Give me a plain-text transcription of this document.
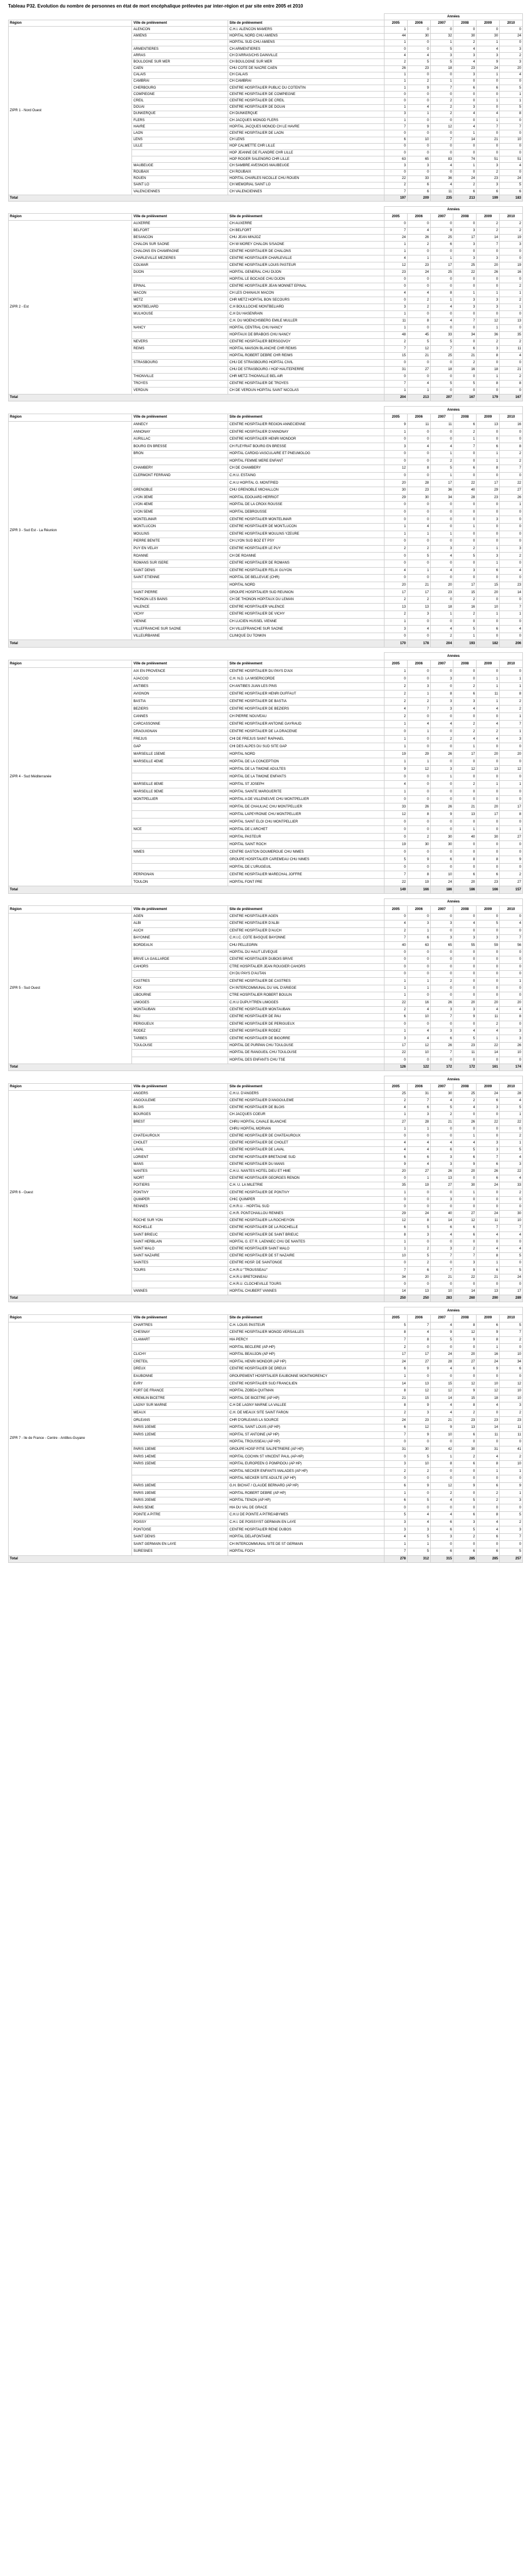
Tableau P32. Evolution du nombre de personnes en état de mort encéphalique prélevées par inter-région et par site entre 2005 et 2010
			Années					
Région	Ville de prélèvement	Site de prélèvement	2005	2006	2007	2008	2009	2010
ZIPR 1 - Nord Ouest	ALENCON	C.H.I. ALENCON MAMERS	1	0	0	0	0	0
	AMIENS	HOPITAL NORD CHU AMIENS	44	30	32	30	30	24
		HOPITAL SUD CHU AMIENS	1	0	1	2	1	0
	ARMENTIERES	CH ARMENTIERES	0	0	5	4	4	3
	ARRAS	CH D'ARRAS/CHS DAINVILLE	4	4	3	3	3	2
	BOULOGNE SUR MER	CH BOULOGNE SUR MER	2	5	5	4	9	3
	CAEN	CHU COTE DE NACRE CAEN	26	23	18	23	24	20
	CALAIS	CH CALAIS	1	0	0	3	1	4
	CAMBRAI	CH CAMBRAI	1	2	1	0	0	0
	CHERBOURG	CENTRE HOSPITALIER PUBLIC DU COTENTIN	1	9	7	6	6	5
	COMPIEGNE	CENTRE HOSPITALIER DE COMPIEGNE	0	0	0	0	0	1
	CREIL	CENTRE HOSPITALIER DE CREIL	0	0	2	0	1	1
	DOUAI	CENTRE HOSPITALIER DE DOUAI	1	4	2	3	0	5
	DUNKERQUE	CH DUNKERQUE	3	1	2	4	4	8
	FLERS	CH JACQUES MONOD FLERS	1	0	0	0	1	0
	HAVRE	HOPITAL JACQUES MONOD CH LE HAVRE	7	9	12	4	7	7
	LAON	CENTRE HOSPITALIER DE LAON	0	0	0	1	0	0
	LENS	CH LENS	6	10	7	14	21	10
	LILLE	HOP CALMETTE CHR LILLE	0	0	0	0	0	0
		HOP JEANNE DE FLANDRE CHR LILLE	0	0	0	0	0	0
		HOP ROGER SALENGRO CHR LILLE	63	65	83	74	51	51
	MAUBEUGE	CH SAMBRE AVESNOIS MAUBEUGE	3	3	4	1	3	4
	ROUBAIX	CH ROUBAIX	0	0	0	0	2	0
	ROUEN	HOPITAL CHARLES NICOLLE CHU ROUEN	22	33	36	24	23	24
	SAINT LO	CH MEMORIAL SAINT LO	2	6	4	2	3	5
	VALENCIENNES	CH VALENCIENNES	7	6	11	6	6	6
Total			197	209	235	213	199	183
			Années					
Région	Ville de prélèvement	Site de prélèvement	2005	2006	2007	2008	2009	2010
ZIPR 2 - Est	AUXERRE	CH AUXERRE	0	0	0	0	2	2
	BELFORT	CH BELFORT	7	4	9	3	2	2
	BESANCON	CHU JEAN MINJOZ	24	26	25	17	14	19
	CHALON SUR SAONE	CH W MOREY CHALON S/SAONE	1	2	6	3	7	3
	CHALONS EN CHAMPAGNE	CENTRE HOSPITALIER DE CHALONS	1	0	0	0	0	0
	CHARLEVILLE MEZIERES	CENTRE HOSPITALIER CHARLEVILLE	4	1	1	3	3	0
	COLMAR	CENTRE HOSPITALIER LOUIS PASTEUR	12	23	17	25	20	19
	DIJON	HOPITAL GENERAL CHU DIJON	23	24	25	22	26	16
		HOPITAL LE BOCAGE CHU DIJON	0	0	0	0	0	0
	EPINAL	CENTRE HOSPITALIER JEAN MONNET EPINAL	0	0	0	0	0	2
	MACON	CH LES CHANAUX MACON	4	4	8	1	1	1
	METZ	CHR METZ HOPITAL BON SECOURS	0	2	1	3	3	2
	MONTBELIARD	C.H BOULLOCHE MONTBELIARD	3	2	4	3	3	1
	MULHOUSE	C.H DU HASENRAIN	1	0	0	0	0	0
		C.H. DU MOENCHSBERG EMILE MULLER	11	8	4	7	12	13
	NANCY	HOPITAL CENTRAL CHU NANCY	1	0	0	0	1	0
		HOPITAUX DE BRABOIS CHU NANCY	48	45	33	34	36	35
	NEVERS	CENTRE HOSPITALIER BERSGOVOY	2	5	5	0	2	2
	REIMS	HOPITAL MAISON BLANCHE CHR REIMS	7	12	7	6	3	11
		HOPITAL ROBERT DEBRE CHR REIMS	15	21	25	21	8	4
	STRASBOURG	CHU DE STRASBOURG HOPITAL CIVIL	0	0	0	2	0	0
		CHU DE STRASBOURG / HOP HAUTEPIERRE	31	27	18	16	18	21
	THIONVILLE	CHR METZ-THIONVILLE BEL AIR	0	0	0	0	1	2
	TROYES	CENTRE HOSPITALIER DE TROYES	7	4	5	5	8	8
	VERDUN	CH DE VERDUN HOPITAL SAINT NICOLAS	1	1	0	0	0	0
Total			204	213	207	167	179	167
			Années					
Région	Ville de prélèvement	Site de prélèvement	2005	2006	2007	2008	2009	2010
ZIPR 3 - Sud Est - La Réunion	ANNECY	CENTRE HOSPITALIER REGION ANNECIENNE	9	11	11	6	13	16
	ANNONAY	CENTRE HOSPITALIER D'ANNONAY	1	0	0	2	0	0
	AURILLAC	CENTRE HOSPITALIER HENRI MONDOR	0	0	0	1	0	0
	BOURG EN BRESSE	CH FLEYRIAT BOURG EN BRESSE	3	4	4	7	6	8
	BRON	HOPITAL CARDIO-VASCULAIRE ET PNEUMOLOG	0	0	1	0	1	2
		HOPITAL FEMME MERE ENFANT	0	0	2	0	1	2
	CHAMBERY	CH DE CHAMBERY	12	8	5	6	8	7
	CLERMONT FERRAND	C.H.U. ESTAING	0	0	1	0	0	0
		C.H.U HOPITAL G. MONTPIED	20	28	17	22	17	22
	GRENOBLE	CHU GRENOBLE MICHALLON	30	23	36	40	29	27
	LYON 3EME	HOPITAL EDOUARD HERRIOT	29	30	34	28	23	26
	LYON 4EME	HOPITAL DE LA CROIX ROUSSE	0	0	0	0	0	1
	LYON 5EME	HOPITAL DEBROUSSE	0	0	0	0	0	0
	MONTELIMAR	CENTRE HOSPITALIER MONTELIMAR	0	0	0	0	3	0
	MONTLUCON	CENTRE HOSPITALIER DE MONTLUCON	1	4	0	1	0	0
	MOULINS	CENTRE HOSPITALIER MOULINS YZEURE	1	1	1	0	0	0
	PIERRE BENITE	CH LYON SUD BOZ ET PSY	0	0	0	0	0	0
	PUY EN VELAY	CENTRE HOSPITALIER LE PUY	2	2	3	2	1	3
	ROANNE	CH DE ROANNE	0	5	4	5	3	2
	ROMANS SUR ISERE	CENTRE HOSPITALIER DE ROMANS	0	0	0	0	1	0
	SAINT DENIS	CENTRE HOSPITALIER FELIX GUYON	4	1	4	3	6	4
	SAINT ETIENNE	HOPITAL DE BELLEVUE (CHR)	0	0	0	0	0	0
		HOPITAL NORD	20	21	20	17	15	23
	SAINT PIERRE	GROUPE HOSPITALIER SUD REUNION	17	17	23	15	20	14
	THONON LES BAINS	CH DE THONON HOPITAUX DU LEMAN	2	2	0	2	0	0
	VALENCE	CENTRE HOSPITALIER VALENCE	13	13	18	16	10	7
	VICHY	CENTRE HOSPITALIER DE VICHY	2	3	1	2	1	1
	VIENNE	CH LUCIEN HUSSEL VIENNE	1	0	0	0	0	0
	VILLEFRANCHE SUR SAONE	CH VILLEFRANCHE SUR SAONE	3	4	4	5	6	4
	VILLEURBANNE	CLINIQUE DU TONKIN	0	0	2	1	0	0
Total			170	178	204	193	182	206
			Années					
Région	Ville de prélèvement	Site de prélèvement	2005	2006	2007	2008	2009	2010
ZIPR 4 - Sud Méditerranée	AIX EN PROVENCE	CENTRE HOSPITALIER DU PAYS D'AIX	1	0	0	0	0	0
	AJACCIO	C.H. N.D. LA MISERICORDE	0	0	3	0	1	1
	ANTIBES	CH ANTIBES JUAN LES PINS	2	3	0	2	1	1
	AVIGNON	CENTRE HOSPITALIER HENRI DUFFAUT	2	1	8	6	11	8
	BASTIA	CENTRE HOSPITALIER DE BASTIA	2	2	3	3	1	2
	BEZIERS	CENTRE HOSPITALIER DE BEZIERS	4	7	3	4	4	2
	CANNES	CH PIERRE NOUVEAU	2	0	0	0	0	1
	CARCASSONNE	CENTRE HOSPITALIER ANTOINE GAYRAUD	1	4	4	2	4	7
	DRAGUIGNAN	CENTRE HOSPITALIER DE LA DRACENIE	0	1	0	2	2	1
	FREJUS	CHI DE FREJUS SAINT RAPHAEL	1	0	2	4	4	3
	GAP	CHI DES ALPES DU SUD SITE GAP	1	0	0	1	0	0
	MARSEILLE 15EME	HOPITAL NORD	19	29	26	17	20	20
	MARSEILLE 4EME	HOPITAL DE LA CONCEPTION	1	1	0	0	0	0
		HOPITAL DE LA TIMONE ADULTES	9	12	3	12	13	12
		HOPITAL DE LA TIMONE ENFANTS	0	0	1	0	0	0
	MARSEILLE 8EME	HOPITAL ST JOSEPH	4	0	0	2	1	1
	MARSEILLE 9EME	HOPITAL SAINTE MARGUERITE	1	0	0	0	0	0
	MONTPELLIER	HOPITAL A DE VILLENEUVE CHU MONTPELLIER	0	0	0	0	0	0
		HOPITAL DE CHAULIAC CHU MONTPELLIER	33	26	26	21	20	17
		HOPITAL LAPEYRONIE CHU MONTPELLIER	12	8	9	13	17	8
		HOPITAL SAINT ELOI CHU MONTPELLIER	0	0	0	0	0	0
	NICE	HOPITAL DE L'ARCHET	0	0	0	1	0	1
		HOPITAL PASTEUR	0	2	30	40	30	27
		HOPITAL SAINT ROCH	19	30	30	0	0	0
	NIMES	CENTRE GASTON DOUMERGUE CHU NIMES	0	0	0	0	0	0
		GROUPE HOSPITALIER CAREMEAU CHU NIMES	5	9	6	8	8	9
		HOPITAL DE L'URUGEUIL	0	0	0	0	0	0
	PERPIGNAN	CENTRE HOSPITALIER MARECHAL JOFFRE	7	8	10	6	6	2
	TOULON	HOPITAL FONT PRE	22	19	24	20	23	27
Total			149	166	186	186	166	157
			Années					
Région	Ville de prélèvement	Site de prélèvement	2005	2006	2007	2008	2009	2010
ZIPR 5 - Sud Ouest	AGEN	CENTRE HOSPITALIER AGEN	0	0	0	0	0	0
	ALBI	CENTRE HOSPITALIER D'ALBI	4	3	3	4	5	4
	AUCH	CENTRE HOSPITALIER D'AUCH	2	1	0	0	0	0
	BAYONNE	C.H.I.C. COTE BASQUE BAYONNE	7	6	3	3	3	7
	BORDEAUX	CHU PELLEGRIN	40	63	65	55	59	56
		HOPITAL DU HAUT LEVEQUE	0	0	0	0	0	0
	BRIVE LA GAILLARDE	CENTRE HOSPITALIER DUBOIS BRIVE	0	0	0	0	0	0
	CAHORS	CTRE HOSPITALIER JEAN ROUGIER CAHORS	0	0	0	0	0	0
		CH DU PAYS D'AUTAN	0	0	0	0	0	0
	CASTRES	CENTRE HOSPITALIER DE CASTRES	1	1	2	0	0	1
	FOIX	CH INTERCOMMUNAL DU VAL D'ARIEGE	1	1	0	0	0	0
	LIBOURNE	CTRE HOSPITALIER ROBERT BOULIN	1	0	0	0	0	0
	LIMOGES	C.H.U DUPUYTREN LIMOGES	22	16	26	20	20	20
	MONTAUBAN	CENTRE HOSPITALIER MONTAUBAN	2	4	3	3	4	4
	PAU	CENTRE HOSPITALIER DE PAU	6	10	7	9	11	8
	PERIGUEUX	CENTRE HOSPITALIER DE PERIGUEUX	0	0	0	0	2	0
	RODEZ	CENTRE HOSPITALIER RODEZ	1	4	3	4	4	3
	TARBES	CENTRE HOSPITALIER DE BIGORRE	3	4	6	5	1	3
	TOULOUSE	HOPITAL DE PURPAN CHU TOULOUSE	17	12	26	23	22	26
		HOPITAL DE RANGUEIL CHU TOULOUSE	22	10	7	11	14	10
		HOPITAL DES ENFANTS CHU TSE	0	0	0	0	0	0
Total			126	122	172	172	161	174
			Années					
Région	Ville de prélèvement	Site de prélèvement	2005	2006	2007	2008	2009	2010
ZIPR 6 - Ouest	ANGERS	C.H.U. D'ANGERS	25	31	30	25	24	28
	ANGOULEME	CENTRE HOSPITALIER D'ANGOULEME	2	7	4	2	6	4
	BLOIS	CENTRE HOSPITALIER DE BLOIS	4	6	5	4	3	5
	BOURGES	CH JACQUES COEUR	1	3	2	0	0	1
	BREST	CHRU HOPITAL CAVALE BLANCHE	27	28	21	26	22	22
		CHRU HOPITAL MORVAN	1	1	0	0	0	0
	CHATEAUROUX	CENTRE HOSPITALIER DE CHATEAUROUX	0	0	0	1	0	2
	CHOLET	CENTRE HOSPITALIER DE CHOLET	4	4	4	4	3	1
	LAVAL	CENTRE HOSPITALIER DE LAVAL	4	4	6	5	3	5
	LORIENT	CENTRE HOSPITALIER BRETAGNE SUD	6	6	3	6	7	4
	MANS	CENTRE HOSPITALIER DU MANS	9	4	3	9	6	3
	NANTES	C.H.U. NANTES HOTEL DIEU ET HME	20	27	26	20	26	22
	NIORT	CENTRE HOSPITALIER GEORGES RENON	0	1	13	0	6	4
	POITIERS	C.H. U. LA MILETRIE	35	19	27	30	24	33
	PONTIVY	CENTRE HOSPITALIER DE PONTIVY	1	0	0	1	0	2
	QUIMPER	CHIC QUIMPER	0	0	3	0	0	0
	RENNES	C.H.R.U. - HOPITAL SUD	0	0	0	0	0	0
		C.H.R. PONTCHAILLOU RENNES	29	24	40	27	24	30
	ROCHE SUR YON	CENTRE HOSPITALIER LA ROCHE/YON	12	8	14	12	11	10
	ROCHELLE	CENTRE HOSPITALIER DE LA ROCHELLE	6	5	6	6	7	7
	SAINT BRIEUC	CENTRE HOSPITALIER DE SAINT BRIEUC	8	3	4	6	4	4
	SAINT HERBLAIN	HOPITAL G. ET R. LAENNEC CHU DE NANTES	1	0	0	0	0	0
	SAINT MALO	CENTRE HOSPITALIER SAINT MALO	1	2	3	2	4	4
	SAINT NAZAIRE	CENTRE HOSPITALIER DE ST NAZAIRE	10	5	7	7	8	5
	SAINTES	CENTRE HOSP. DE SAINTONGE	0	2	0	3	1	0
	TOURS	C.H.R.U "TROUSSEAU"	7	6	7	9	6	5
		C.H.R.U BRETONNEAU	34	20	21	22	21	24
		C.H.R.U. CLOCHEVILLE TOURS	0	0	0	0	0	0
	VANNES	HOPITAL CHUBERT VANNES	14	13	10	14	13	17
Total			250	250	283	260	290	289
			Années					
Région	Ville de prélèvement	Site de prélèvement	2005	2006	2007	2008	2009	2010
ZIPR 7 - Ile de France - Centre - Antilles-Guyane	CHARTRES	C.H. LOUIS PASTEUR	5	7	4	8	6	5
	CHESNAY	CENTRE HOSPITALIER MONOD VERSAILLES	8	4	9	12	9	7
	CLAMART	HIA PERCY	7	8	5	9	8	2
		HOPITAL BECLERE (AP-HP)	2	0	0	0	1	0
	CLICHY	HOPITAL BEAUJON (AP HP)	17	17	24	20	16	10
	CRETEIL	HOPITAL HENRI MONDOR (AP HP)	24	27	28	27	24	34
	DREUX	CENTRE HOSPITALIER DE DREUX	6	9	4	6	9	6
	EAUBONNE	GROUPEMENT HOSPITALIER EAUBONNE MONTMORENCY	1	0	0	0	0	0
	EVRY	CENTRE HOSPITALIER SUD FRANCILIEN	14	13	15	12	10	12
	FORT DE FRANCE	HOPITAL ZOBDA QUITMAN	8	12	12	9	12	10
	KREMLIN BICETRE	HOPITAL DE BICETRE (AP HP)	21	15	14	15	18	10
	LAGNY SUR MARNE	C.H DE LAGNY MARNE LA VALLEE	8	9	4	8	4	3
	MEAUX	C.H. DE MEAUX SITE SAINT FARON	2	3	4	2	0	2
	ORLEANS	CHR D'ORLEANS LA SOURCE	24	23	21	23	23	23
	PARIS 10EME	HOPITAL SAINT LOUIS (AP HP)	6	12	9	13	14	11
	PARIS 12EME	HOPITAL ST ANTOINE (AP HP)	7	9	10	6	11	11
		HOPITAL TROUSSEAU (AP HP)	0	0	0	0	0	0
	PARIS 13EME	GROUPE HOSP PITIE SALPETRIERE (AP HP)	31	30	42	30	31	41
	PARIS 14EME	HOPITAL COCHIN ST VINCENT PAUL (AP-HP)	0	5	1	2	4	2
	PARIS 15EME	HOPITAL EUROPEEN G POMPIDOU (AP HP)	3	10	8	6	8	10
		HOPITAL NECKER ENFANTS MALADES (AP HP)	2	2	0	0	1	1
		HOPITAL NECKER SITE ADULTE (AP HP)	0	0	0	0	0	0
	PARIS 18EME	G.H. BICHAT / CLAUDE BERNARD (AP HP)	6	9	12	9	6	9
	PARIS 19EME	HOPITAL ROBERT DEBRE (AP HP)	1	0	2	0	2	1
	PARIS 20EME	HOPITAL TENON (AP HP)	6	5	4	5	2	3
	PARIS 5EME	HIA DU VAL DE GRACE	0	0	0	0	0	0
	POINTE A PITRE	C.H.U DE POINTE A PITRE/ABYMES	5	4	4	6	8	5
	POISSY	C.H.I. DE POISSY/ST GERMAIN EN LAYE	3	4	6	3	4	2
	PONTOISE	CENTRE HOSPITALIER RENE DUBOS	3	3	6	5	4	3
	SAINT DENIS	HOPITAL DELAFONTAINE	4	5	3	2	6	7
	SAINT GERMAIN EN LAYE	CH INTERCOMMUNAL SITE DE ST GERMAIN	1	1	0	0	0	0
	SURESNES	HOPITAL FOCH	7	5	6	6	6	5
Total			278	312	315	285	285	257
